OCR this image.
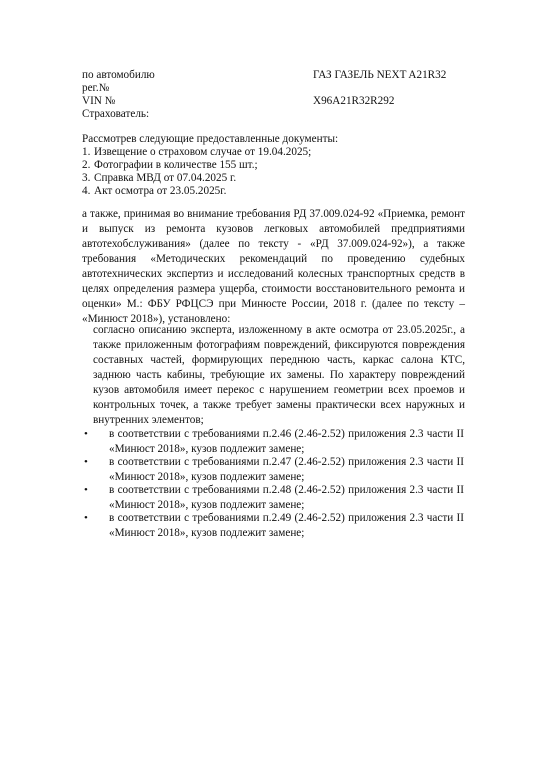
по автомобилю	ГАЗ ГАЗЕЛЬ NEXT A21R32
рег.№
VIN №	X96A21R32R292
Страхователь:
Рассмотрев следующие предоставленные документы:
1. Извещение о страховом случае от 19.04.2025;
2. Фотографии в количестве 155 шт.;
3. Справка МВД от 07.04.2025 г.
4. Акт осмотра от 23.05.2025г.
а также, принимая во внимание требования РД 37.009.024-92 «Приемка, ремонт и выпуск из ремонта кузовов легковых автомобилей предприятиями автотехобслуживания» (далее по тексту - «РД 37.009.024-92»), а также требования «Методических рекомендаций по проведению судебных автотехнических экспертиз и исследований колесных транспортных средств в целях определения размера ущерба, стоимости восстановительного ремонта и оценки» М.: ФБУ РФЦСЭ при Минюсте России, 2018 г. (далее по тексту – «Минюст 2018»), установлено:
согласно описанию эксперта, изложенному в акте осмотра от 23.05.2025г., а также приложенным фотографиям повреждений, фиксируются повреждения составных частей, формирующих переднюю часть, каркас салона КТС, заднюю часть кабины, требующие их замены. По характеру повреждений кузов автомобиля имеет перекос с нарушением геометрии всех проемов и контрольных точек, а также требует замены практически всех наружных и внутренних элементов;
• в соответствии с требованиями п.2.46 (2.46-2.52) приложения 2.3 части II
«Минюст 2018», кузов подлежит замене;
• в соответствии с требованиями п.2.47 (2.46-2.52) приложения 2.3 части II
«Минюст 2018», кузов подлежит замене;
• в соответствии с требованиями п.2.48 (2.46-2.52) приложения 2.3 части II
«Минюст 2018», кузов подлежит замене;
• в соответствии с требованиями п.2.49 (2.46-2.52) приложения 2.3 части II
«Минюст 2018», кузов подлежит замене;
